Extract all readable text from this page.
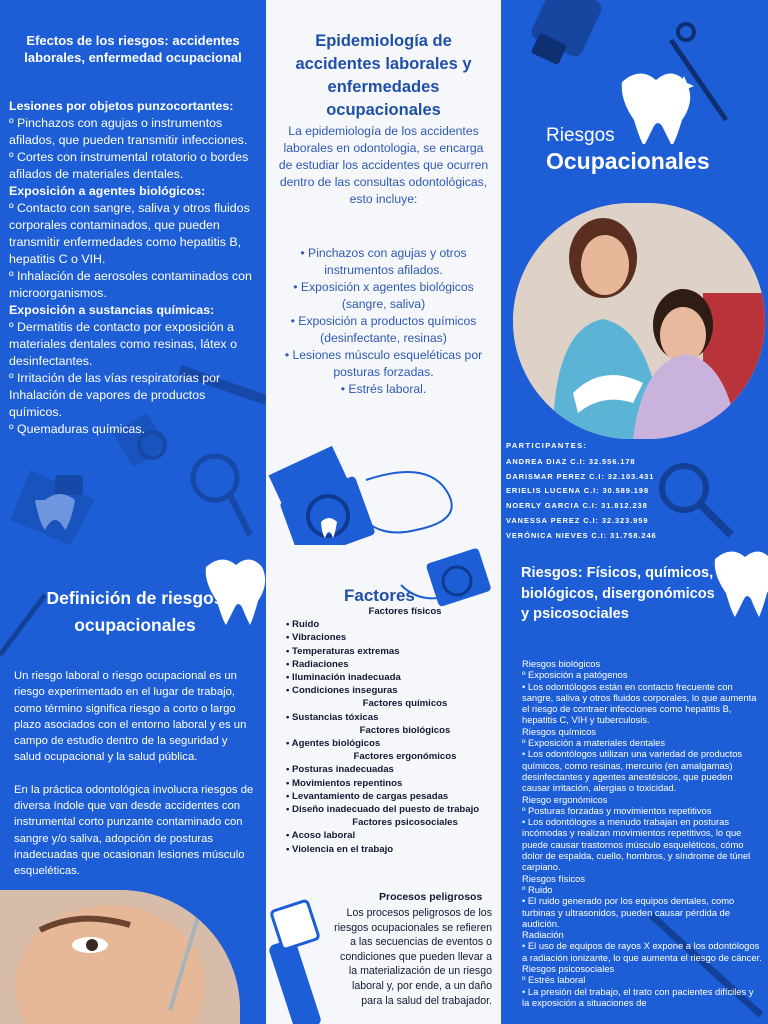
Efectos de los riesgos: accidentes laborales, enfermedad ocupacional
Lesiones por objetos punzocortantes:
º Pinchazos con agujas o instrumentos afilados, que pueden transmitir infecciones.
º Cortes con instrumental rotatorio o bordes afilados de materiales dentales.
Exposición a agentes biológicos:
º Contacto con sangre, saliva y otros fluidos corporales contaminados, que pueden transmitir enfermedades como hepatitis B, hepatitis C o VIH.
º Inhalación de aerosoles contaminados con microorganismos.
Exposición a sustancias químicas:
º Dermatitis de contacto por exposición a materiales dentales como resinas, látex o desinfectantes.
º Irritación de las vías respiratorias por Inhalación de vapores de productos químicos.
º Quemaduras químicas.
Epidemiología de accidentes laborales y enfermedades ocupacionales
La epidemiología de los accidentes laborales en odontologia, se encarga de estudiar los accidentes que ocurren dentro de las consultas odontológicas, esto incluye:
• Pinchazos con agujas y otros instrumentos afilados.
• Exposición x agentes biológicos (sangre, saliva)
• Exposición a productos químicos (desinfectante, resinas)
• Lesiones músculo esqueléticas por posturas forzadas.
• Estrés laboral.
Riesgos
Ocupacionales
PARTICIPANTES:
ANDREA DIAZ C.I: 32.556.178
DARISMAR PEREZ C.I: 32.103.431
ERIELIS LUCENA C.I: 30.589.198
NOERLY GARCIA C.I: 31.812.238
VANESSA PEREZ C.I: 32.323.959
VERÓNICA NIEVES C.I: 31.758.246
Definición de riesgos ocupacionales

Un riesgo laboral o riesgo ocupacional es un riesgo experimentado en el lugar de trabajo, como término significa riesgo a corto o largo plazo asociados con el entorno laboral y es un campo de estudio dentro de la seguridad y salud ocupacional y la salud pública.

En la práctica odontológica involucra riesgos de diversa índole que van desde accidentes con instrumental corto punzante contaminado con sangre y/o saliva, adopción de posturas inadecuadas que ocasionan lesiones músculo esqueléticas.

Factores
Factores físicos
• Ruido
• Vibraciones
• Temperaturas extremas
• Radiaciones
• Iluminación inadecuada
• Condiciones inseguras
Factores químicos
• Sustancias tóxicas
Factores biológicos
• Agentes biológicos
Factores ergonómicos
• Posturas inadecuadas
• Movimientos repentinos
• Levantamiento de cargas pesadas
• Diseño inadecuado del puesto de trabajo
Factores psicosociales
• Acoso laboral
• Violencia en el trabajo
Procesos peligrosos
Los procesos peligrosos de los riesgos ocupacionales se refieren a las secuencias de eventos o condiciones que pueden llevar a la materialización de un riesgo laboral y, por ende, a un daño para la salud del trabajador.
Riesgos: Físicos, químicos, biológicos, disergonómicos y psicosociales
Riesgos biológicos
º Exposición a patógenos
• Los odontólogos están en contacto frecuente con sangre, saliva y otros fluidos corporales, lo que aumenta el riesgo de contraer infecciones como hepatitis B, hepatitis C, VIH y tuberculosis.
Riesgos químicos
º Exposición a materiales dentales
• Los odontólogos utilizan una variedad de productos químicos, como resinas, mercurio (en amalgamas) desinfectantes y agentes anestésicos, que pueden causar irritación, alergias o toxicidad.
Riesgo ergonómicos
º Posturas forzadas y movimientos repetitivos
• Los odontólogos a menudo trabajan en posturas incómodas y realizan movimientos repetitivos, lo que puede causar trastornos músculo esqueléticos, cómo dolor de espalda, cuello, hombros, y síndrome de túnel carpiano.
Riesgos físicos
º Ruido
• El ruido generado por los equipos dentales, como turbinas y ultrasonidos, pueden causar pérdida de audición.
Radiación
• El uso de equipos de rayos X expone a los odontólogos a radiación ionizante, lo que aumenta el riesgo de cáncer.
Riesgos psicosociales
º Estrés laboral
• La presión del trabajo, el trato con pacientes difíciles y la exposición a situaciones de
